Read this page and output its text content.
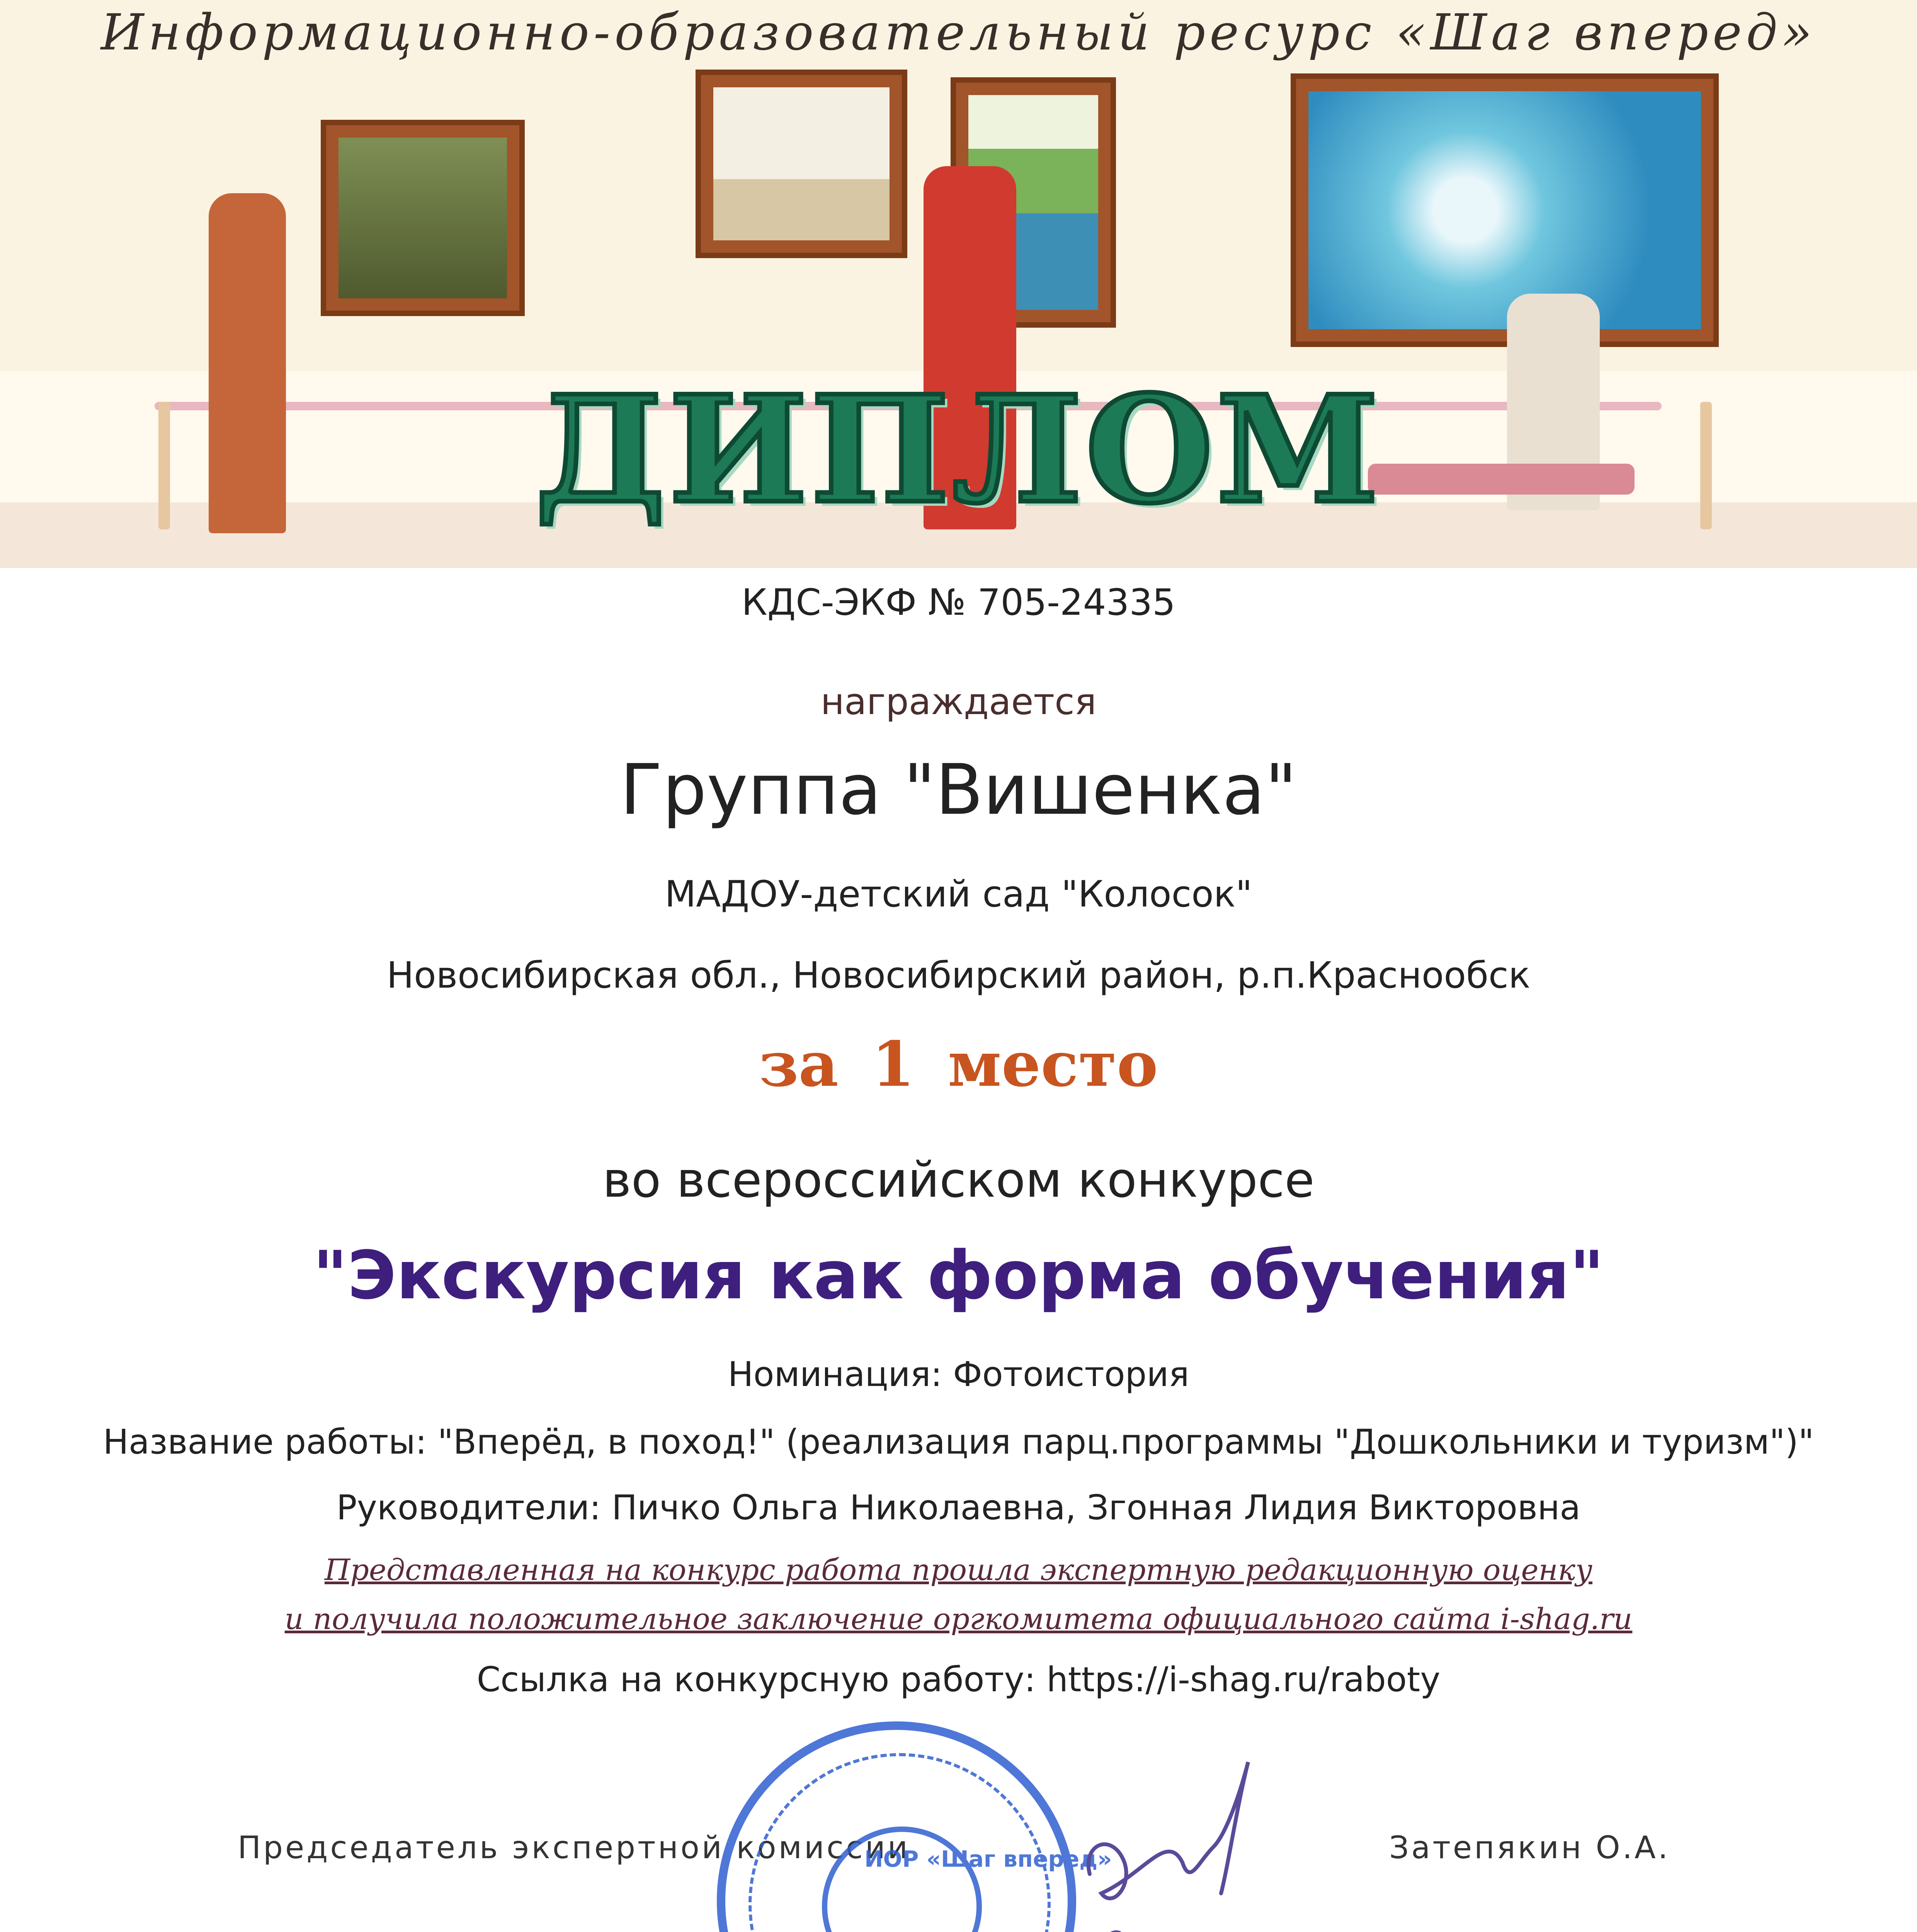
Информационно-образовательный ресурс «Шаг вперед»
ДИПЛОМ
КДС-ЭКФ № 705-24335
награждается
Группа "Вишенка"
МАДОУ-детский сад "Колосок"
Новосибирская обл., Новосибирский район, р.п.Краснообск
за 1 место
во всероссийском конкурсе
"Экскурсия как форма обучения"
Номинация: Фотоистория
Название работы: "Вперёд, в поход!" (реализация парц.программы "Дошкольники и туризм")"
Руководители: Пичко Ольга Николаевна, Згонная Лидия Викторовна
Представленная на конкурс работа прошла экспертную редакционную оценку
и получила положительное заключение оргкомитета официального сайта i-shag.ru
Ссылка на конкурсную работу: https://i-shag.ru/raboty
Председатель экспертной комиссии	Затепякин О.А.
ИОР «Шаг вперед»
